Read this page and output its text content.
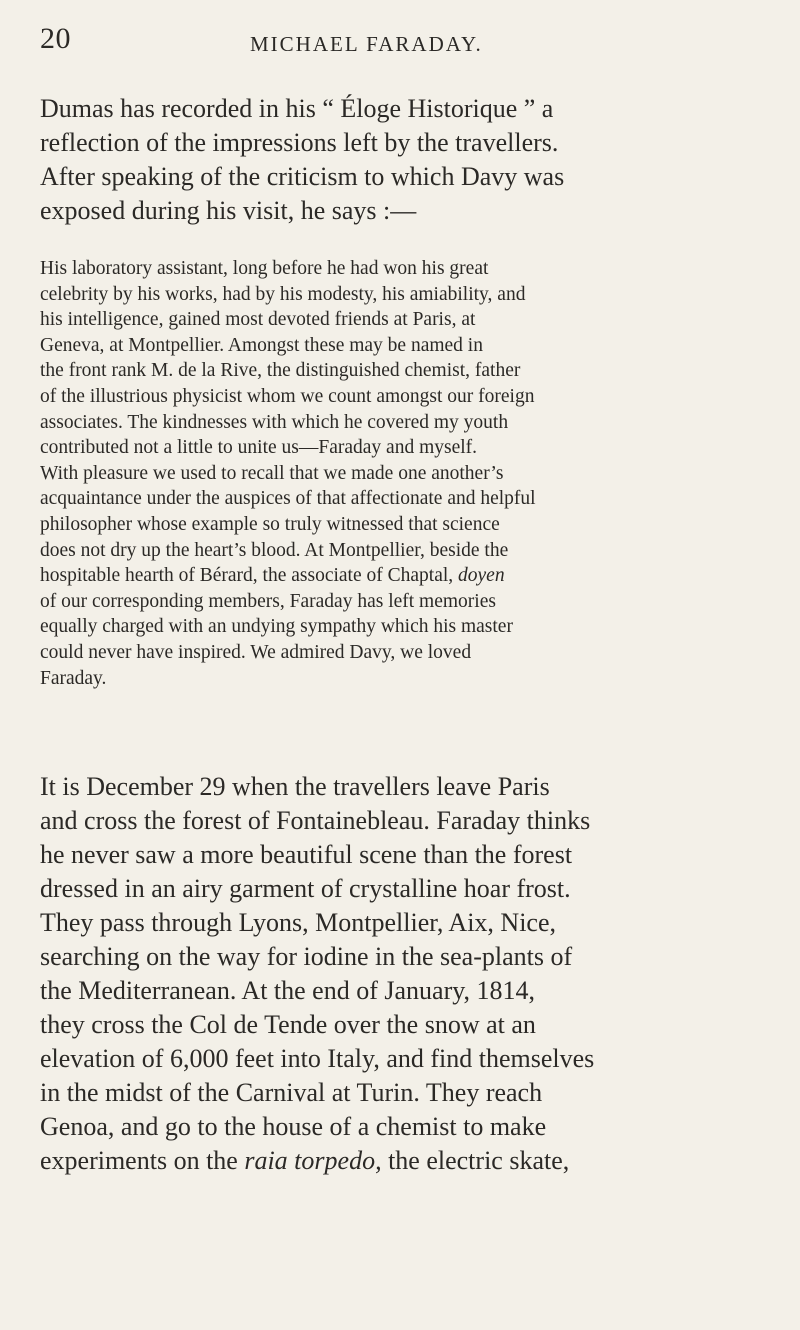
20	MICHAEL FARADAY.

Dumas has recorded in his “ Éloge Historique ” a
reflection of the impressions left by the travellers.
After speaking of the criticism to which Davy was
exposed during his visit, he says :—

His laboratory assistant, long before he had won his great
celebrity by his works, had by his modesty, his amiability, and
his intelligence, gained most devoted friends at Paris, at
Geneva, at Montpellier. Amongst these may be named in
the front rank M. de la Rive, the distinguished chemist, father
of the illustrious physicist whom we count amongst our foreign
associates. The kindnesses with which he covered my youth
contributed not a little to unite us—Faraday and myself.
With pleasure we used to recall that we made one another’s
acquaintance under the auspices of that affectionate and helpful
philosopher whose example so truly witnessed that science
does not dry up the heart’s blood. At Montpellier, beside the
hospitable hearth of Bérard, the associate of Chaptal, doyen
of our corresponding members, Faraday has left memories
equally charged with an undying sympathy which his master
could never have inspired. We admired Davy, we loved
Faraday.

It is December 29 when the travellers leave Paris
and cross the forest of Fontainebleau. Faraday thinks
he never saw a more beautiful scene than the forest
dressed in an airy garment of crystalline hoar frost.
They pass through Lyons, Montpellier, Aix, Nice,
searching on the way for iodine in the sea-plants of
the Mediterranean. At the end of January, 1814,
they cross the Col de Tende over the snow at an
elevation of 6,000 feet into Italy, and find themselves
in the midst of the Carnival at Turin. They reach
Genoa, and go to the house of a chemist to make
experiments on the raia torpedo, the electric skate,
